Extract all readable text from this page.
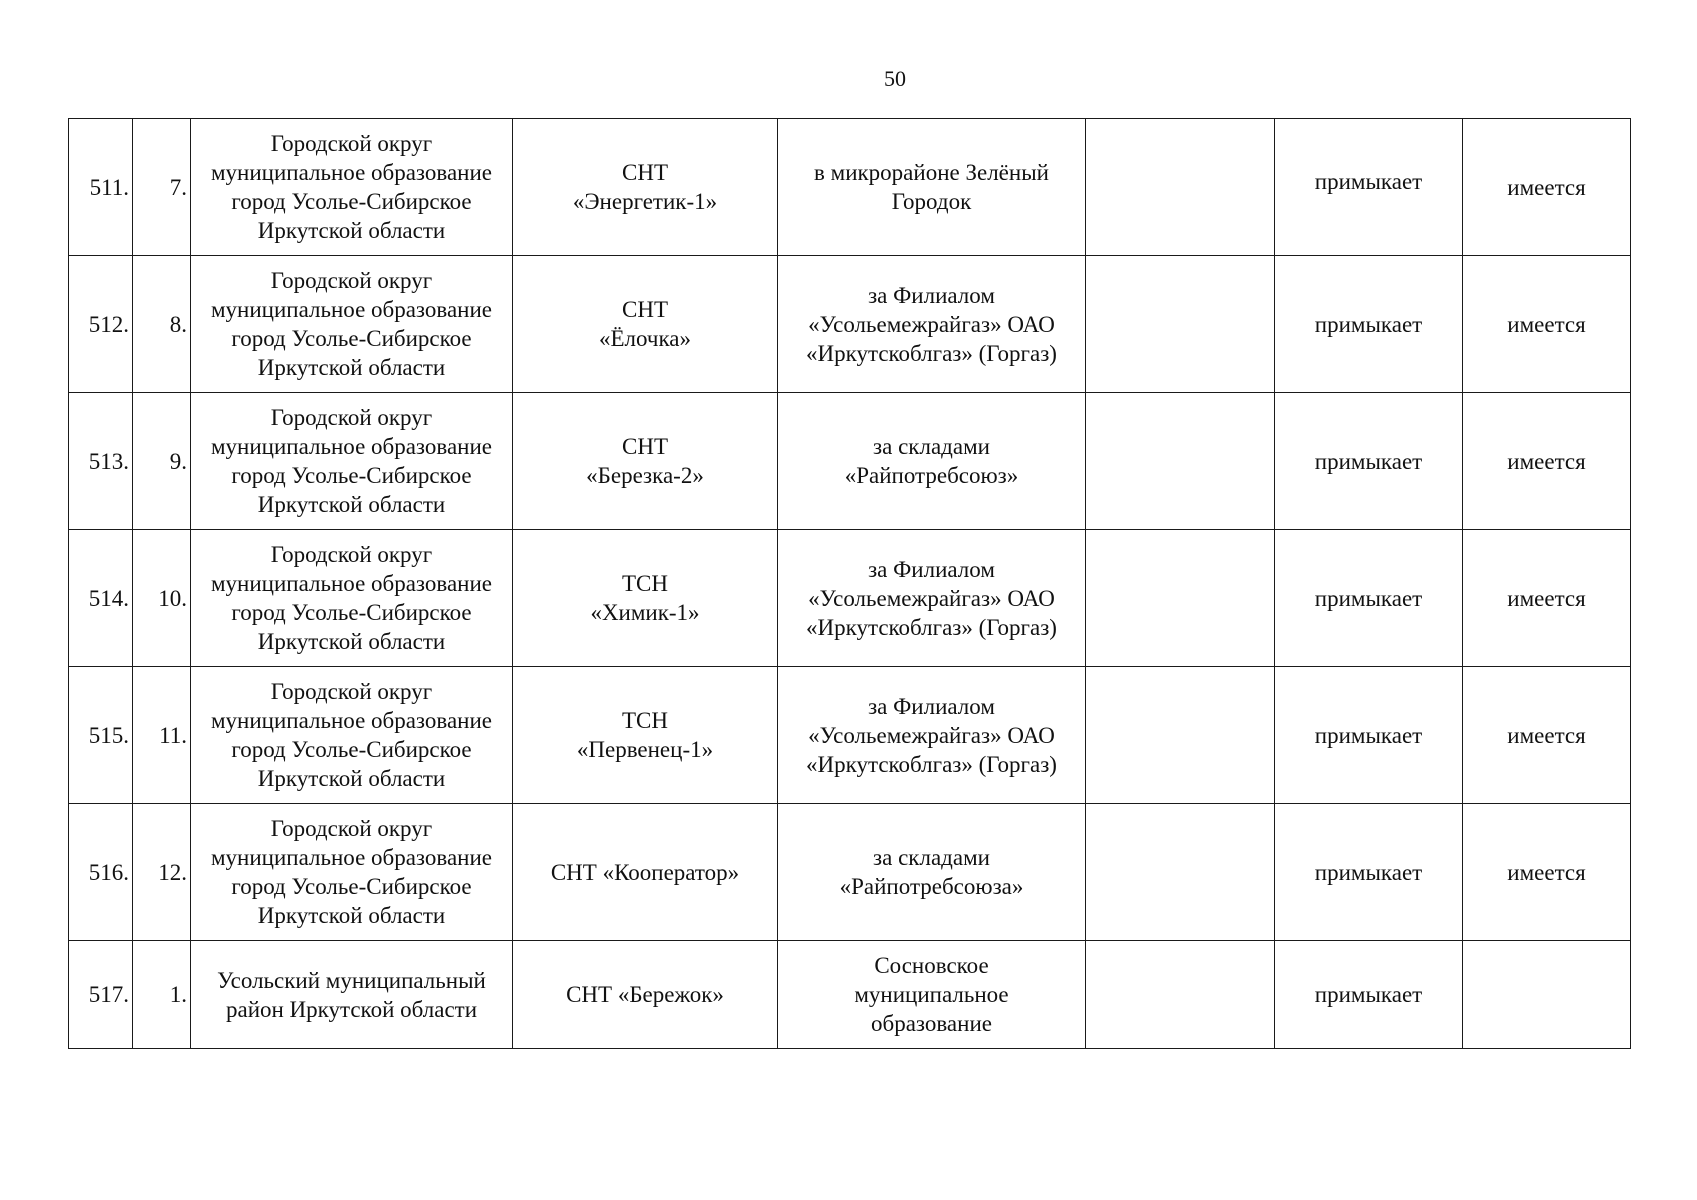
50
511.	7.	Городской округ
муниципальное образование
город Усолье-Сибирское
Иркутской области	СНТ
«Энергетик-1»	в микрорайоне Зелёный
Городок		примыкает	имеется
512.	8.	Городской округ
муниципальное образование
город Усолье-Сибирское
Иркутской области	СНТ
«Ёлочка»	за Филиалом
«Усольемежрайгаз» ОАО
«Иркутскоблгаз» (Горгаз)		примыкает	имеется
513.	9.	Городской округ
муниципальное образование
город Усолье-Сибирское
Иркутской области	СНТ
«Березка-2»	за складами
«Райпотребсоюз»		примыкает	имеется
514.	10.	Городской округ
муниципальное образование
город Усолье-Сибирское
Иркутской области	ТСН
«Химик-1»	за Филиалом
«Усольемежрайгаз» ОАО
«Иркутскоблгаз» (Горгаз)		примыкает	имеется
515.	11.	Городской округ
муниципальное образование
город Усолье-Сибирское
Иркутской области	ТСН
«Первенец-1»	за Филиалом
«Усольемежрайгаз» ОАО
«Иркутскоблгаз» (Горгаз)		примыкает	имеется
516.	12.	Городской округ
муниципальное образование
город Усолье-Сибирское
Иркутской области	СНТ «Кооператор»	за складами
«Райпотребсоюза»		примыкает	имеется
517.	1.	Усольский муниципальный
район Иркутской области	СНТ «Бережок»	Сосновское
муниципальное
образование		примыкает	
